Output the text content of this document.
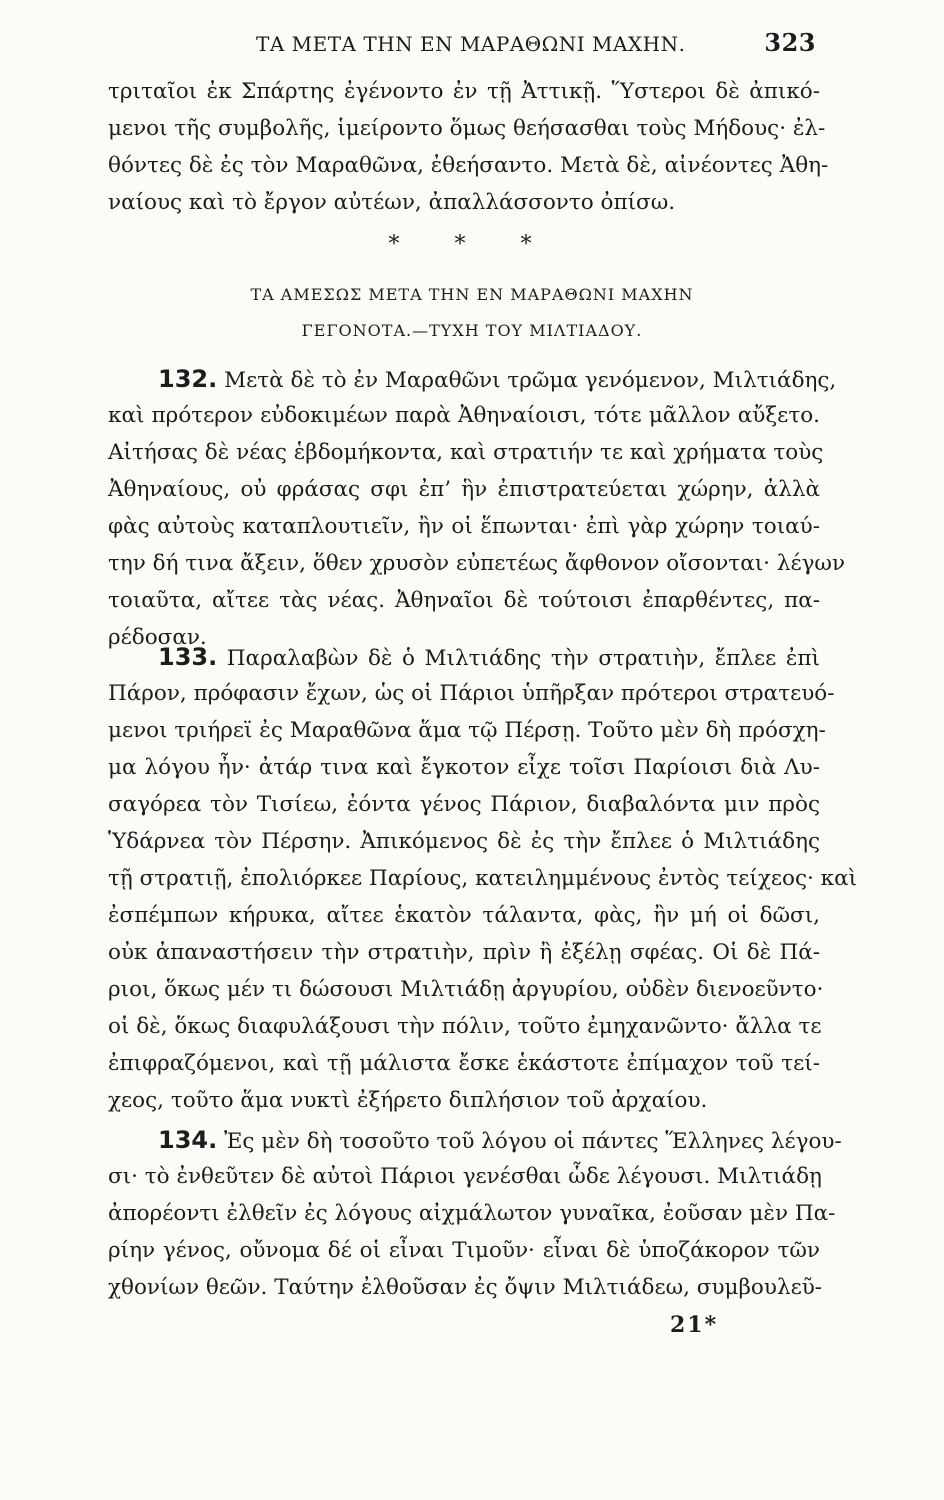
ΤΑ ΜΕΤΑ ΤΗΝ ΕΝ ΜΑΡΑΘΩΝΙ ΜΑΧΗΝ.	323
τριταῖοι ἐκ Σπάρτης ἐγένοντο ἐν τῇ Ἀττικῇ. Ὕστεροι δὲ ἀπικό-
μενοι τῆς συμβολῆς, ἱμείροντο ὅμως θεήσασθαι τοὺς Μήδους· ἐλ-
θόντες δὲ ἐς τὸν Μαραθῶνα, ἐθεήσαντο. Μετὰ δὲ, αἰνέοντες Ἀθη-
ναίους καὶ τὸ ἔργον αὐτέων, ἀπαλλάσσοντο ὀπίσω.
* * *
ΤΑ ΑΜΕΣΩΣ ΜΕΤΑ ΤΗΝ ΕΝ ΜΑΡΑΘΩΝΙ ΜΑΧΗΝ
ΓΕΓΟΝΟΤΑ.—ΤΥΧΗ ΤΟΥ ΜΙΛΤΙΑΔΟΥ.
132. Μετὰ δὲ τὸ ἐν Μαραθῶνι τρῶμα γενόμενον, Μιλτιάδης,
καὶ πρότερον εὐδοκιμέων παρὰ Ἀθηναίοισι, τότε μᾶλλον αὔξετο.
Αἰτήσας δὲ νέας ἑβδομήκοντα, καὶ στρατιήν τε καὶ χρήματα τοὺς
Ἀθηναίους, οὐ φράσας σφι ἐπ’ ἣν ἐπιστρατεύεται χώρην, ἀλλὰ
φὰς αὐτοὺς καταπλουτιεῖν, ἢν οἱ ἕπωνται· ἐπὶ γὰρ χώρην τοιαύ-
την δή τινα ἄξειν, ὅθεν χρυσὸν εὐπετέως ἄφθονον οἴσονται· λέγων
τοιαῦτα, αἴτεε τὰς νέας. Ἀθηναῖοι δὲ τούτοισι ἐπαρθέντες, πα-
ρέδοσαν.
133. Παραλαβὼν δὲ ὁ Μιλτιάδης τὴν στρατιὴν, ἔπλεε ἐπὶ
Πάρον, πρόφασιν ἔχων, ὡς οἱ Πάριοι ὑπῆρξαν πρότεροι στρατευό-
μενοι τριήρεϊ ἐς Μαραθῶνα ἅμα τῷ Πέρσῃ. Τοῦτο μὲν δὴ πρόσχη-
μα λόγου ἦν· ἀτάρ τινα καὶ ἔγκοτον εἶχε τοῖσι Παρίοισι διὰ Λυ-
σαγόρεα τὸν Τισίεω, ἐόντα γένος Πάριον, διαβαλόντα μιν πρὸς
Ὑδάρνεα τὸν Πέρσην. Ἀπικόμενος δὲ ἐς τὴν ἔπλεε ὁ Μιλτιάδης
τῇ στρατιῇ, ἐπολιόρκεε Παρίους, κατειλημμένους ἐντὸς τείχεος· καὶ
ἐσπέμπων κήρυκα, αἴτεε ἑκατὸν τάλαντα, φὰς, ἢν μή οἱ δῶσι,
οὐκ ἀπαναστήσειν τὴν στρατιὴν, πρὶν ἢ ἐξέλῃ σφέας. Οἱ δὲ Πά-
ριοι, ὅκως μέν τι δώσουσι Μιλτιάδῃ ἀργυρίου, οὐδὲν διενοεῦντο·
οἱ δὲ, ὅκως διαφυλάξουσι τὴν πόλιν, τοῦτο ἐμηχανῶντο· ἄλλα τε
ἐπιφραζόμενοι, καὶ τῇ μάλιστα ἔσκε ἑκάστοτε ἐπίμαχον τοῦ τεί-
χεος, τοῦτο ἅμα νυκτὶ ἐξήρετο διπλήσιον τοῦ ἀρχαίου.
134. Ἐς μὲν δὴ τοσοῦτο τοῦ λόγου οἱ πάντες Ἕλληνες λέγου-
σι· τὸ ἐνθεῦτεν δὲ αὐτοὶ Πάριοι γενέσθαι ὧδε λέγουσι. Μιλτιάδῃ
ἀπορέοντι ἐλθεῖν ἐς λόγους αἰχμάλωτον γυναῖκα, ἐοῦσαν μὲν Πα-
ρίην γένος, οὔνομα δέ οἱ εἶναι Τιμοῦν· εἶναι δὲ ὑποζάκορον τῶν
χθονίων θεῶν. Ταύτην ἐλθοῦσαν ἐς ὄψιν Μιλτιάδεω, συμβουλεῦ-
21*
